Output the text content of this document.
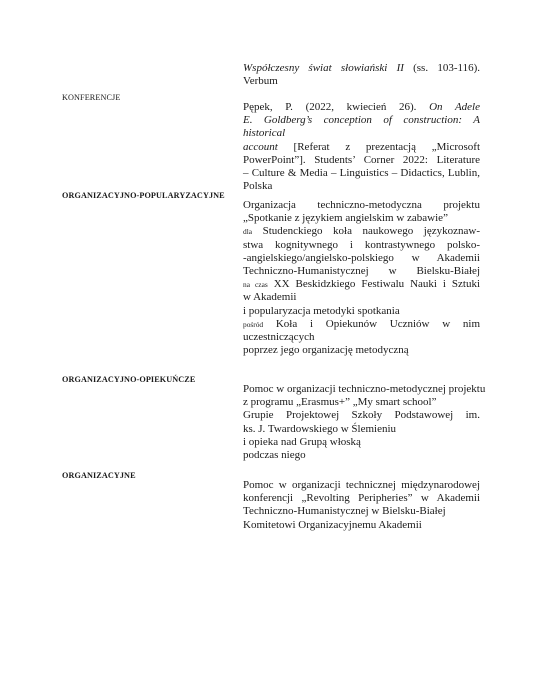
Współczesny świat słowiański II (ss. 103-116).
Verbum
KONFERENCJE
Pępek, P. (2022, kwiecień 26). On Adele
E. Goldberg’s conception of construction: A historical
account [Referat z prezentacją „Microsoft
PowerPoint”]. Students’ Corner 2022: Literature
– Culture & Media – Linguistics – Didactics, Lublin,
Polska
ORGANIZACYJNO-POPULARYZACYJNE
Organizacja techniczno-metodyczna projektu
„Spotkanie z językiem angielskim w zabawie”
dla Studenckiego koła naukowego językoznaw-
stwa kognitywnego i kontrastywnego polsko-
-angielskiego/angielsko-polskiego w Akademii
Techniczno-Humanistycznej w Bielsku-Białej
na czas XX Beskidzkiego Festiwalu Nauki i Sztuki
w Akademii
i popularyzacja metodyki spotkania
pośród Koła i Opiekunów Uczniów w nim
uczestniczących
poprzez jego organizację metodyczną
ORGANIZACYJNO-OPIEKUŃCZE
Pomoc w organizacji techniczno-metodycznej projektu
z programu „Erasmus+” „My smart school”
Grupie Projektowej Szkoły Podstawowej im.
ks. J. Twardowskiego w Ślemieniu
i opieka nad Grupą włoską
podczas niego
ORGANIZACYJNE
Pomoc w organizacji technicznej międzynarodowej
konferencji „Revolting Peripheries” w Akademii
Techniczno-Humanistycznej w Bielsku-Białej
Komitetowi Organizacyjnemu Akademii
